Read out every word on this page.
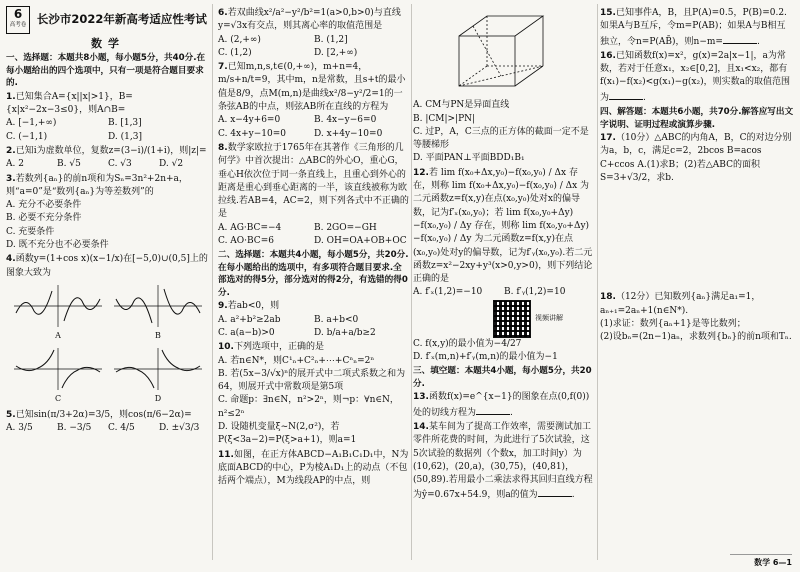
6
高考卷 长沙市2022年新高考适应性考试
数学
一、选择题：本题共8小题，每小题5分，共40分.在每小题给出的四个选项中，只有一项是符合题目要求的.
1.已知集合A={x||x|>1}，B={x|x²−2x−3≤0}，则A∩B=
A. [−1,+∞)	B. [1,3]
C. (−1,1)	D. (1,3]
2.已知i为虚数单位，复数z=(3−i)/(1+i)，则|z|=
A. 2	B. √5	C. √3	D. √2
3.若数列{aₙ}的前n项和为Sₙ=3n²+2n+a，则“a=0”是“数列{aₙ}为等差数列”的
A. 充分不必要条件
B. 必要不充分条件
C. 充要条件
D. 既不充分也不必要条件
4.函数y=(1+cos x)(x−1/x)在[−5,0)∪(0,5]上的图象大致为
A	B
C	D
5.已知sin(π/3+2α)=3/5，则cos(π/6−2α)=
A. 3/5	B. −3/5	C. 4/5	D. ±√3/3
6.若双曲线x²/a²−y²/b²=1(a>0,b>0)与直线y=√3x有交点，则其离心率的取值范围是
A. (2,+∞)	B. (1,2]
C. (1,2)	D. [2,+∞)
7.已知m,n,s,t∈(0,+∞)，m+n=4，m/s+n/t=9，其中m，n是常数，且s+t的最小值是8/9，点M(m,n)是曲线x²/8−y²/2=1的一条弦AB的中点，则弦AB所在直线的方程为
A. x−4y+6=0	B. 4x−y−6=0
C. 4x+y−10=0	D. x+4y−10=0
8.数学家欧拉于1765年在其著作《三角形的几何学》中首次提出：△ABC的外心O，重心G，垂心H依次位于同一条直线上，且重心到外心的距离是重心到垂心距离的一半，该直线被称为欧拉线.若AB=4，AC=2，则下列各式中不正确的是
A. AG·BC=−4	B. 2GO=−GH
C. AO·BC=6	D. OH=OA+OB+OC
二、选择题：本题共4小题，每小题5分，共20分.在每小题给出的选项中，有多项符合题目要求.全部选对的得5分，部分选对的得2分，有选错的得0分.
9.若ab<0，则
A. a²+b²≥2ab	B. a+b<0
C. a(a−b)>0	D. b/a+a/b≥2
10.下列选项中，正确的是
A. 若n∈N*，则C¹ₙ+C²ₙ+⋯+Cⁿₙ=2ⁿ
B. 若(5x−3/√x)ⁿ的展开式中二项式系数之和为64，则展开式中常数项是第5项
C. 命题p：∃n∈N，n²>2ⁿ，则¬p：∀n∈N，n²≤2ⁿ
D. 设随机变量ξ~N(2,σ²)，若P(ξ<3a−2)=P(ξ>a+1)，则a=1
11.如图，在正方体ABCD−A₁B₁C₁D₁中，N为底面ABCD的中心，P为棱A₁D₁上的动点（不包括两个端点），M为线段AP的中点，则
A. CM与PN是异面直线
B. |CM|>|PN|
C. 过P，A，C三点的正方体的截面一定不是等腰梯形
D. 平面PAN⊥平面BDD₁B₁
12.若 lim f(x₀+Δx,y₀)−f(x₀,y₀) / Δx 存在，则称 lim f(x₀+Δx,y₀)−f(x₀,y₀) / Δx 为二元函数z=f(x,y)在点(x₀,y₀)处对x的偏导数，记为f′ₓ(x₀,y₀)；若 lim f(x₀,y₀+Δy)−f(x₀,y₀) / Δy 存在，则称 lim f(x₀,y₀+Δy)−f(x₀,y₀) / Δy 为二元函数z=f(x,y)在点(x₀,y₀)处对y的偏导数，记为f′ᵧ(x₀,y₀).若二元函数z=x²−2xy+y³(x>0,y>0)，则下列结论正确的是
A. f′ₓ(1,2)=−10	B. f′ᵧ(1,2)=10
视频讲解
C. f(x,y)的最小值为−4/27
D. f′ₓ(m,n)+f′ᵧ(m,n)的最小值为−1
三、填空题：本题共4小题，每小题5分，共20分.
13.函数f(x)=e^{x−1}的图象在点(0,f(0))处的切线方程为	.
14.某车间为了提高工作效率，需要测试加工零件所花费的时间，为此进行了5次试验，这5次试验的数据列（个数x，加工时间y）为(10,62)，(20,a)，(30,75)，(40,81)，(50,89).若用最小二乘法求得其回归直线方程为ŷ=0.67x+54.9，则a的值为	.
15.已知事件A，B，且P(A)=0.5，P(B)=0.2.如果A与B互斥，令m=P(AB)；如果A与B相互独立，令n=P(AB̄)，则n−m=	.
16.已知函数f(x)=x²，g(x)=2a|x−1|，a为常数，若对于任意x₁，x₂∈[0,2]，且x₁<x₂，都有f(x₁)−f(x₂)<g(x₁)−g(x₂)，则实数a的取值范围为	.
四、解答题：本题共6小题，共70分.解答应写出文字说明、证明过程或演算步骤.
17.（10分）△ABC的内角A，B，C的对边分别为a，b，c，满足c=2，2bcos B=acos C+ccos A.(1)求B；(2)若△ABC的面积S=3+√3/2，求b.
18.（12分）已知数列{aₙ}满足a₁=1，aₙ₊₁=2aₙ+1(n∈N*).
(1)求证：数列{aₙ+1}是等比数列；
(2)设bₙ=(2n−1)aₙ，求数列{bₙ}的前n项和Tₙ.
数学 6—1
